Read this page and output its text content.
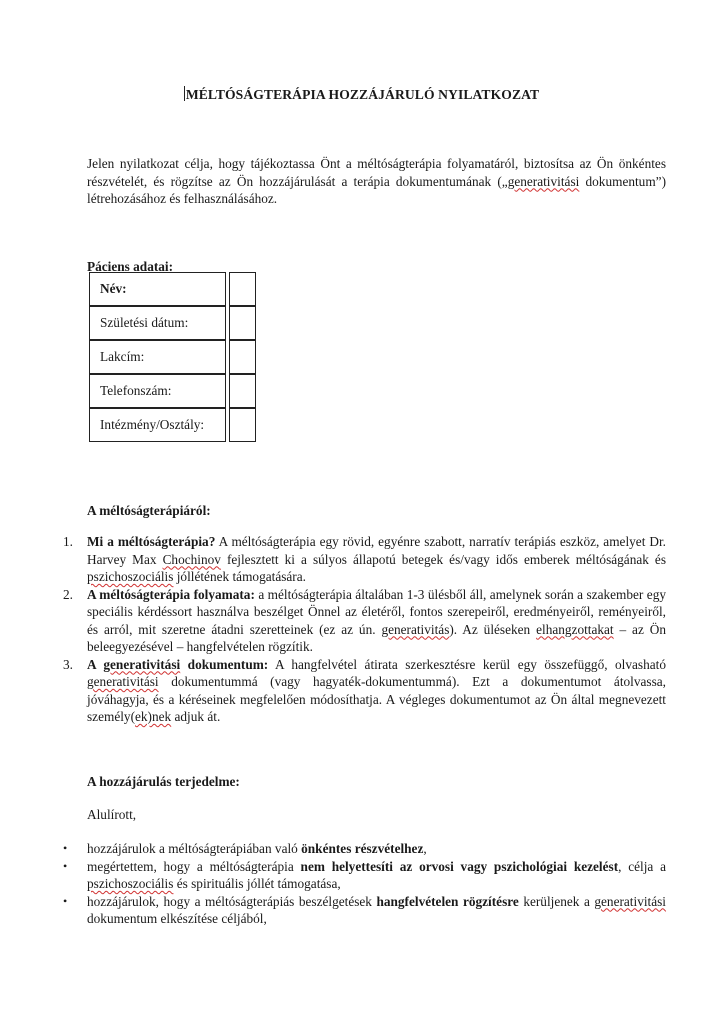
MÉLTÓSÁGTERÁPIA HOZZÁJÁRULÓ NYILATKOZAT
Jelen nyilatkozat célja, hogy tájékoztassa Önt a méltóságterápia folyamatáról, biztosítsa az Ön önkéntes részvételét, és rögzítse az Ön hozzájárulását a terápia dokumentumának („generativitási dokumentum”) létrehozásához és felhasználásához.
Páciens adatai:
Név:	
Születési dátum:	
Lakcím:	
Telefonszám:	
Intézmény/Osztály:	
A méltóságterápiáról:
1. Mi a méltóságterápia? A méltóságterápia egy rövid, egyénre szabott, narratív terápiás eszköz, amelyet Dr. Harvey Max Chochinov fejlesztett ki a súlyos állapotú betegek és/vagy idős emberek méltóságának és pszichoszociális jóllétének támogatására.
2. A méltóságterápia folyamata: a méltóságterápia általában 1-3 ülésből áll, amelynek során a szakember egy speciális kérdéssort használva beszélget Önnel az életéről, fontos szerepeiről, eredményeiről, reményeiről, és arról, mit szeretne átadni szeretteinek (ez az ún. generativitás). Az üléseken elhangzottakat – az Ön beleegyezésével – hangfelvételen rögzítik.
3. A generativitási dokumentum: A hangfelvétel átirata szerkesztésre kerül egy összefüggő, olvasható generativitási dokumentummá (vagy hagyaték-dokumentummá). Ezt a dokumentumot átolvassa, jóváhagyja, és a kéréseinek megfelelően módosíthatja. A végleges dokumentumot az Ön által megnevezett személy(ek)nek adjuk át.
A hozzájárulás terjedelme:
Alulírott,
• hozzájárulok a méltóságterápiában való önkéntes részvételhez,
• megértettem, hogy a méltóságterápia nem helyettesíti az orvosi vagy pszichológiai kezelést, célja a pszichoszociális és spirituális jóllét támogatása,
• hozzájárulok, hogy a méltóságterápiás beszélgetések hangfelvételen rögzítésre kerüljenek a generativitási dokumentum elkészítése céljából,
